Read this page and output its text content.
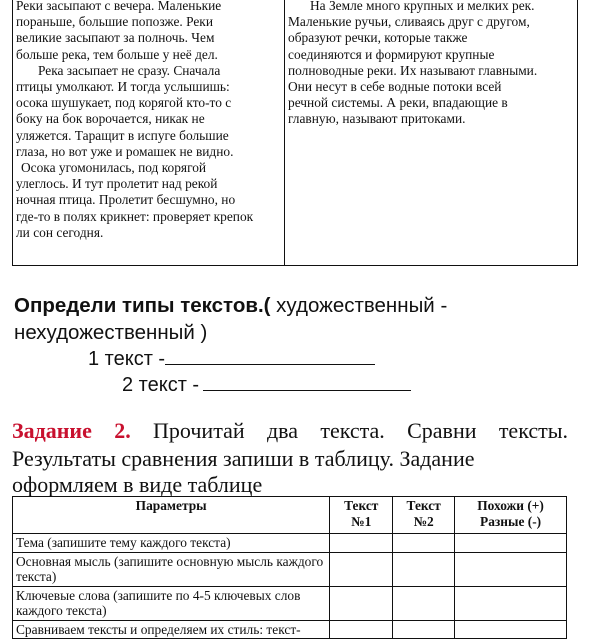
Реки засыпают с вечера. Маленькие
пораньше, большие попозже. Реки
великие засыпают за полночь. Чем
больше река, тем больше у неё дел.
Река засыпает не сразу. Сначала
птицы умолкают. И тогда услышишь:
осока шушукает, под корягой кто-то с
боку на бок ворочается, никак не
уляжется. Таращит в испуге большие
глаза, но вот уже и ромашек не видно.
Осока угомонилась, под корягой
улеглось. И тут пролетит над рекой
ночная птица. Пролетит бесшумно, но
где-то в полях крикнет: проверяет крепок
ли сон сегодня.
На Земле много крупных и мелких рек.
Маленькие ручьи, сливаясь друг с другом,
образуют речки, которые также
соединяются и формируют крупные
полноводные реки. Их называют главными.
Они несут в себе водные потоки всей
речной системы. А реки, впадающие в
главную, называют притоками.
Определи типы текстов.( художественный -
нехудожественный )
1 текст -
2 текст -
Задание 2. Прочитай два текста. Сравни тексты. Результаты сравнения запиши в таблицу. Задание
оформляем в виде таблице
Параметры	Текст №1	Текст №2	Похожи (+) Разные (-)
Тема (запишите тему каждого текста)			
Основная мысль (запишите основную мысль каждого текста)			
Ключевые слова (запишите по 4-5 ключевых слов каждого текста)			
Сравниваем тексты и определяем их стиль: текст-			
